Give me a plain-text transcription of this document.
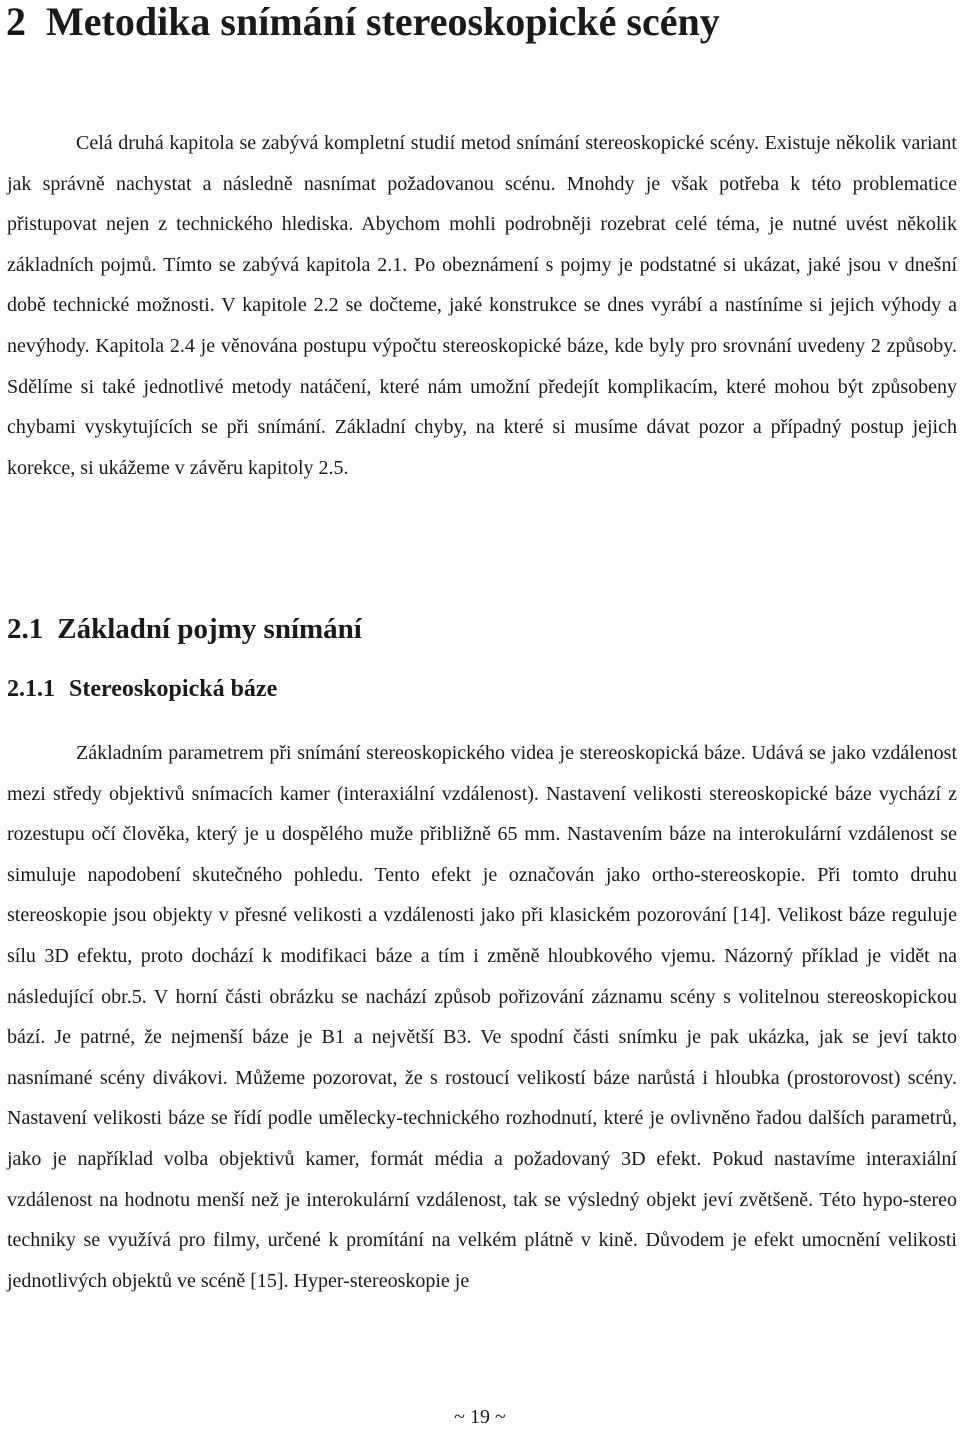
2 Metodika snímání stereoskopické scény

Celá druhá kapitola se zabývá kompletní studií metod snímání stereoskopické scény. Existuje několik variant jak správně nachystat a následně nasnímat požadovanou scénu. Mnohdy je však potřeba k této problematice přistupovat nejen z technického hlediska. Abychom mohli podrobněji rozebrat celé téma, je nutné uvést několik základních pojmů. Tímto se zabývá kapitola 2.1. Po obeznámení s pojmy je podstatné si ukázat, jaké jsou v dnešní době technické možnosti. V kapitole 2.2 se dočteme, jaké konstrukce se dnes vyrábí a nastíníme si jejich výhody a nevýhody. Kapitola 2.4 je věnována postupu výpočtu stereoskopické báze, kde byly pro srovnání uvedeny 2 způsoby. Sdělíme si také jednotlivé metody natáčení, které nám umožní předejít komplikacím, které mohou být způsobeny chybami vyskytujících se při snímání. Základní chyby, na které si musíme dávat pozor a případný postup jejich korekce, si ukážeme v závěru kapitoly 2.5.

2.1 Základní pojmy snímání
2.1.1 Stereoskopická báze

Základním parametrem při snímání stereoskopického videa je stereoskopická báze. Udává se jako vzdálenost mezi středy objektivů snímacích kamer (interaxiální vzdálenost). Nastavení velikosti stereoskopické báze vychází z rozestupu očí člověka, který je u dospělého muže přibližně 65 mm. Nastavením báze na interokulární vzdálenost se simuluje napodobení skutečného pohledu. Tento efekt je označován jako ortho-stereoskopie. Při tomto druhu stereoskopie jsou objekty v přesné velikosti a vzdálenosti jako při klasickém pozorování [14]. Velikost báze reguluje sílu 3D efektu, proto dochází k modifikaci báze a tím i změně hloubkového vjemu. Názorný příklad je vidět na následující obr.5. V horní části obrázku se nachází způsob pořizování záznamu scény s volitelnou stereoskopickou bází. Je patrné, že nejmenší báze je B1 a největší B3. Ve spodní části snímku je pak ukázka, jak se jeví takto nasnímané scény divákovi. Můžeme pozorovat, že s rostoucí velikostí báze narůstá i hloubka (prostorovost) scény. Nastavení velikosti báze se řídí podle umělecky-technického rozhodnutí, které je ovlivněno řadou dalších parametrů, jako je například volba objektivů kamer, formát média a požadovaný 3D efekt. Pokud nastavíme interaxiální vzdálenost na hodnotu menší než je interokulární vzdálenost, tak se výsledný objekt jeví zvětšeně. Této hypo-stereo techniky se využívá pro filmy, určené k promítání na velkém plátně v kině. Důvodem je efekt umocnění velikosti jednotlivých objektů ve scéně [15]. Hyper-stereoskopie je

~ 19 ~
